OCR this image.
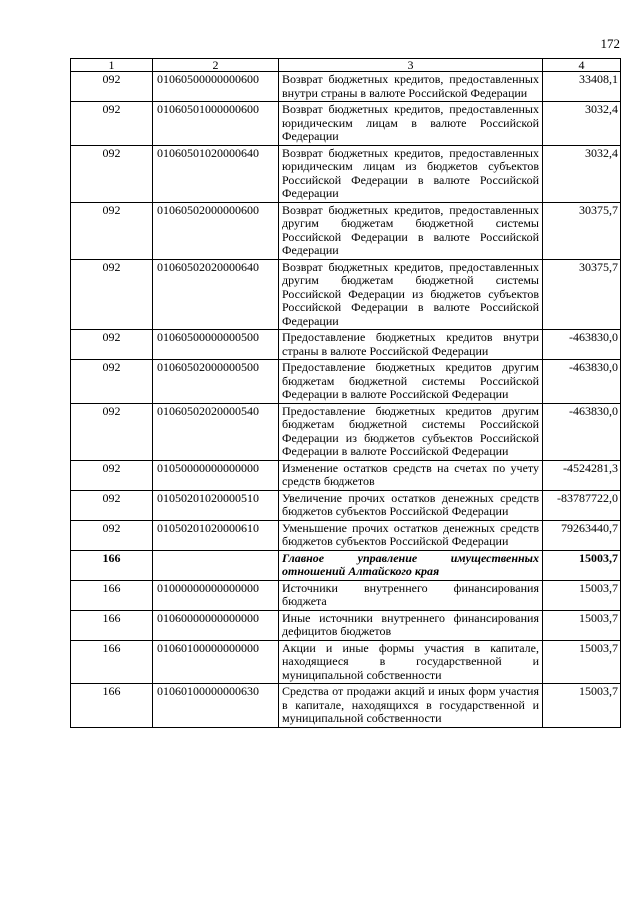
172
1	2	3	4
092	01060500000000600	Возврат бюджетных кредитов, предоставленных внутри страны в валюте Российской Федерации	33408,1
092	01060501000000600	Возврат бюджетных кредитов, предоставленных юридическим лицам в валюте Российской Федерации	3032,4
092	01060501020000640	Возврат бюджетных кредитов, предоставленных юридическим лицам из бюджетов субъектов Российской Федерации в валюте Российской Федерации	3032,4
092	01060502000000600	Возврат бюджетных кредитов, предоставленных другим бюджетам бюджетной системы Российской Федерации в валюте Российской Федерации	30375,7
092	01060502020000640	Возврат бюджетных кредитов, предоставленных другим бюджетам бюджетной системы Российской Федерации из бюджетов субъектов Российской Федерации в валюте Российской Федерации	30375,7
092	01060500000000500	Предоставление бюджетных кредитов внутри страны в валюте Российской Федерации	-463830,0
092	01060502000000500	Предоставление бюджетных кредитов другим бюджетам бюджетной системы Российской Федерации в валюте Российской Федерации	-463830,0
092	01060502020000540	Предоставление бюджетных кредитов другим бюджетам бюджетной системы Российской Федерации из бюджетов субъектов Российской Федерации в валюте Российской Федерации	-463830,0
092	01050000000000000	Изменение остатков средств на счетах по учету средств бюджетов	-4524281,3
092	01050201020000510	Увеличение прочих остатков денежных средств бюджетов субъектов Российской Федерации	-83787722,0
092	01050201020000610	Уменьшение прочих остатков денежных средств бюджетов субъектов Российской Федерации	79263440,7
166		Главное управление имущественных отношений Алтайского края	15003,7
166	01000000000000000	Источники внутреннего финансирования бюджета	15003,7
166	01060000000000000	Иные источники внутреннего финансирования дефицитов бюджетов	15003,7
166	01060100000000000	Акции и иные формы участия в капитале, находящиеся в государственной и муниципальной собственности	15003,7
166	01060100000000630	Средства от продажи акций и иных форм участия в капитале, находящихся в государственной и муниципальной собственности	15003,7
